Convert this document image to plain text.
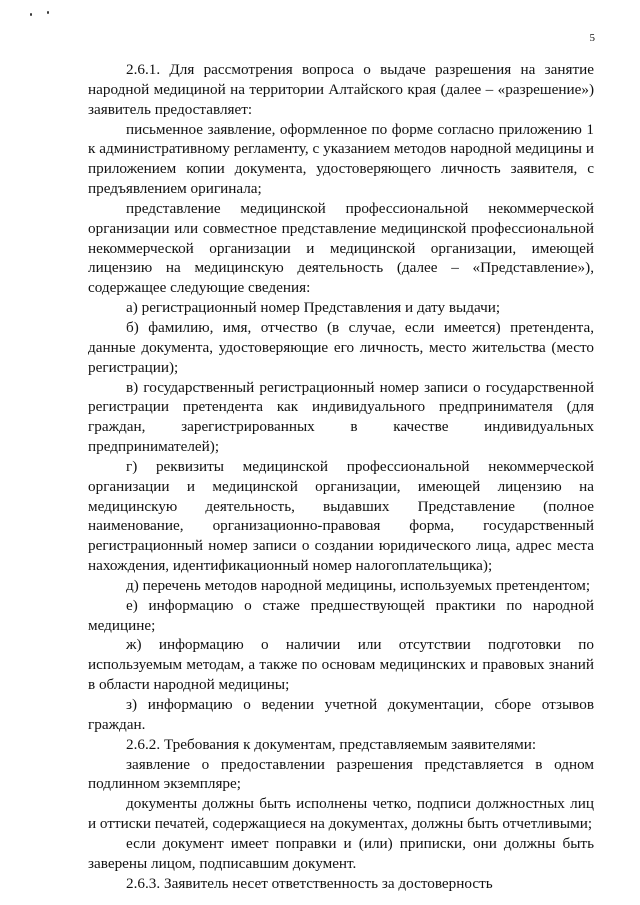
5

2.6.1. Для рассмотрения вопроса о выдаче разрешения на занятие народной медициной на территории Алтайского края (далее – «разрешение») заявитель предоставляет:

письменное заявление, оформленное по форме согласно приложению 1 к административному регламенту, с указанием методов народной медицины и приложением копии документа, удостоверяющего личность заявителя, с предъявлением оригинала;

представление медицинской профессиональной некоммерческой организации или совместное представление медицинской профессиональной некоммерческой организации и медицинской организации, имеющей лицензию на медицинскую деятельность (далее – «Представление»), содержащее следующие сведения:

а) регистрационный номер Представления и дату выдачи;

б) фамилию, имя, отчество (в случае, если имеется) претендента, данные документа, удостоверяющие его личность, место жительства (место регистрации);

в) государственный регистрационный номер записи о государственной регистрации претендента как индивидуального предпринимателя (для граждан, зарегистрированных в качестве индивидуальных предпринимателей);

г) реквизиты медицинской профессиональной некоммерческой организации и медицинской организации, имеющей лицензию на медицинскую деятельность, выдавших Представление (полное наименование, организационно-правовая форма, государственный регистрационный номер записи о создании юридического лица, адрес места нахождения, идентификационный номер налогоплательщика);

д) перечень методов народной медицины, используемых претендентом;

е) информацию о стаже предшествующей практики по народной медицине;

ж) информацию о наличии или отсутствии подготовки по используемым методам, а также по основам медицинских и правовых знаний в области народной медицины;

з) информацию о ведении учетной документации, сборе отзывов граждан.

2.6.2. Требования к документам, представляемым заявителями:

заявление о предоставлении разрешения представляется в одном подлинном экземпляре;

документы должны быть исполнены четко, подписи должностных лиц и оттиски печатей, содержащиеся на документах, должны быть отчетливыми;

если документ имеет поправки и (или) приписки, они должны быть заверены лицом, подписавшим документ.

2.6.3. Заявитель несет ответственность за достоверность
